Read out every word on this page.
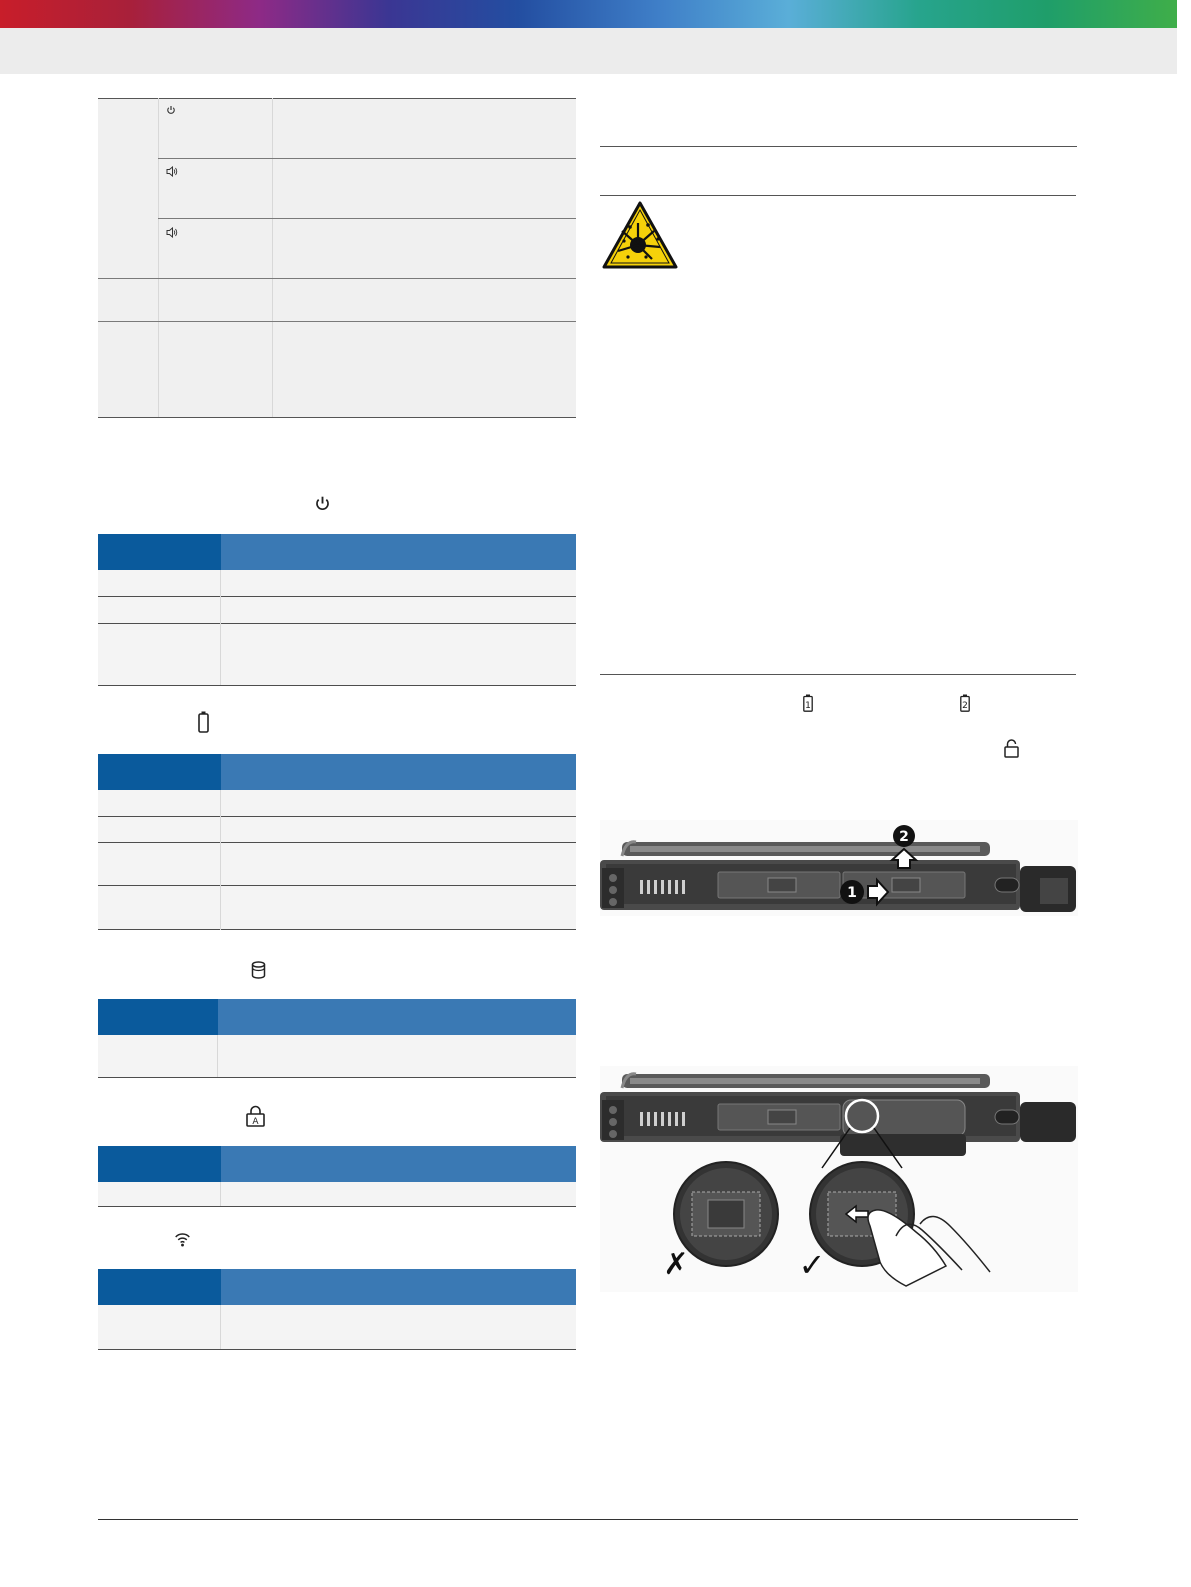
A
1	2
1
2
✗	✓
